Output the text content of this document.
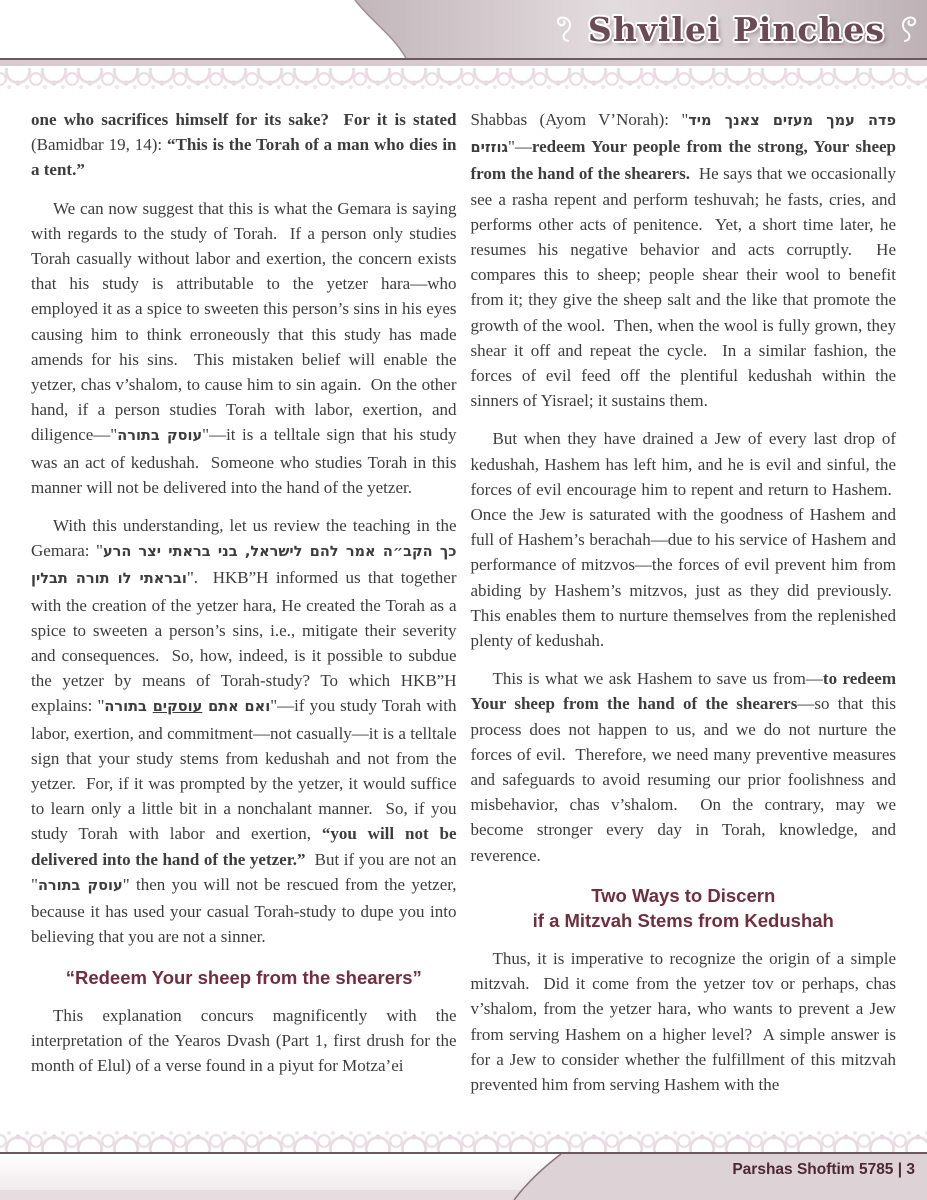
Shvilei Pinches

one who sacrifices himself for its sake?  For it is stated (Bamidbar 19, 14): “This is the Torah of a man who dies in a tent.”

We can now suggest that this is what the Gemara is saying with regards to the study of Torah.  If a person only studies Torah casually without labor and exertion, the concern exists that his study is attributable to the yetzer hara—who employed it as a spice to sweeten this person’s sins in his eyes causing him to think erroneously that this study has made amends for his sins.  This mistaken belief will enable the yetzer, chas v’shalom, to cause him to sin again.  On the other hand, if a person studies Torah with labor, exertion, and diligence—"עוסק בתורה"—it is a telltale sign that his study was an act of kedushah.  Someone who studies Torah in this manner will not be delivered into the hand of the yetzer.

With this understanding, let us review the teaching in the Gemara: "כך הקב״ה אמר להם לישראל, בני בראתי יצר הרע ובראתי לו תורה תבלין".  HKB”H informed us that together with the creation of the yetzer hara, He created the Torah as a spice to sweeten a person’s sins, i.e., mitigate their severity and consequences.  So, how, indeed, is it possible to subdue the yetzer by means of Torah-study? To which HKB”H explains: "	ואם אתם עוסקים בתורה	"—if you study Torah with labor, exertion, and commitment—not casually—it is a telltale sign that your study stems from kedushah and not from the yetzer.  For, if it was prompted by the yetzer, it would suffice to learn only a little bit in a nonchalant manner.  So, if you study Torah with labor and exertion, “you will not be delivered into the hand of the yetzer.”  But if you are not an "עוסק בתורה" then you will not be rescued from the yetzer, because it has used your casual Torah-study to dupe you into believing that you are not a sinner.

“Redeem Your sheep from the shearers”

This explanation concurs magnificently with the interpretation of the Yearos Dvash (Part 1, first drush for the month of Elul) of a verse found in a piyut for Motza’ei

Shabbas (Ayom V’Norah): "פדה עמך מעזים צאנך מיד גוזזים"—redeem Your people from the strong, Your sheep from the hand of the shearers.  He says that we occasionally see a rasha repent and perform teshuvah; he fasts, cries, and performs other acts of penitence.  Yet, a short time later, he resumes his negative behavior and acts corruptly.  He compares this to sheep; people shear their wool to benefit from it; they give the sheep salt and the like that promote the growth of the wool.  Then, when the wool is fully grown, they shear it off and repeat the cycle.  In a similar fashion, the forces of evil feed off the plentiful kedushah within the sinners of Yisrael; it sustains them.

But when they have drained a Jew of every last drop of kedushah, Hashem has left him, and he is evil and sinful, the forces of evil encourage him to repent and return to Hashem.  Once the Jew is saturated with the goodness of Hashem and full of Hashem’s berachah—due to his service of Hashem and performance of mitzvos—the forces of evil prevent him from abiding by Hashem’s mitzvos, just as they did previously.  This enables them to nurture themselves from the replenished plenty of kedushah.

This is what we ask Hashem to save us from—to redeem Your sheep from the hand of the shearers—so that this process does not happen to us, and we do not nurture the forces of evil.  Therefore, we need many preventive measures and safeguards to avoid resuming our prior foolishness and misbehavior, chas v’shalom.  On the contrary, may we become stronger every day in Torah, knowledge, and reverence.

Two Ways to Discern
if a Mitzvah Stems from Kedushah

Thus, it is imperative to recognize the origin of a simple mitzvah.  Did it come from the yetzer tov or perhaps, chas v’shalom, from the yetzer hara, who wants to prevent a Jew from serving Hashem on a higher level?  A simple answer is for a Jew to consider whether the fulfillment of this mitzvah prevented him from serving Hashem with the

Parshas Shoftim 5785 | 3
